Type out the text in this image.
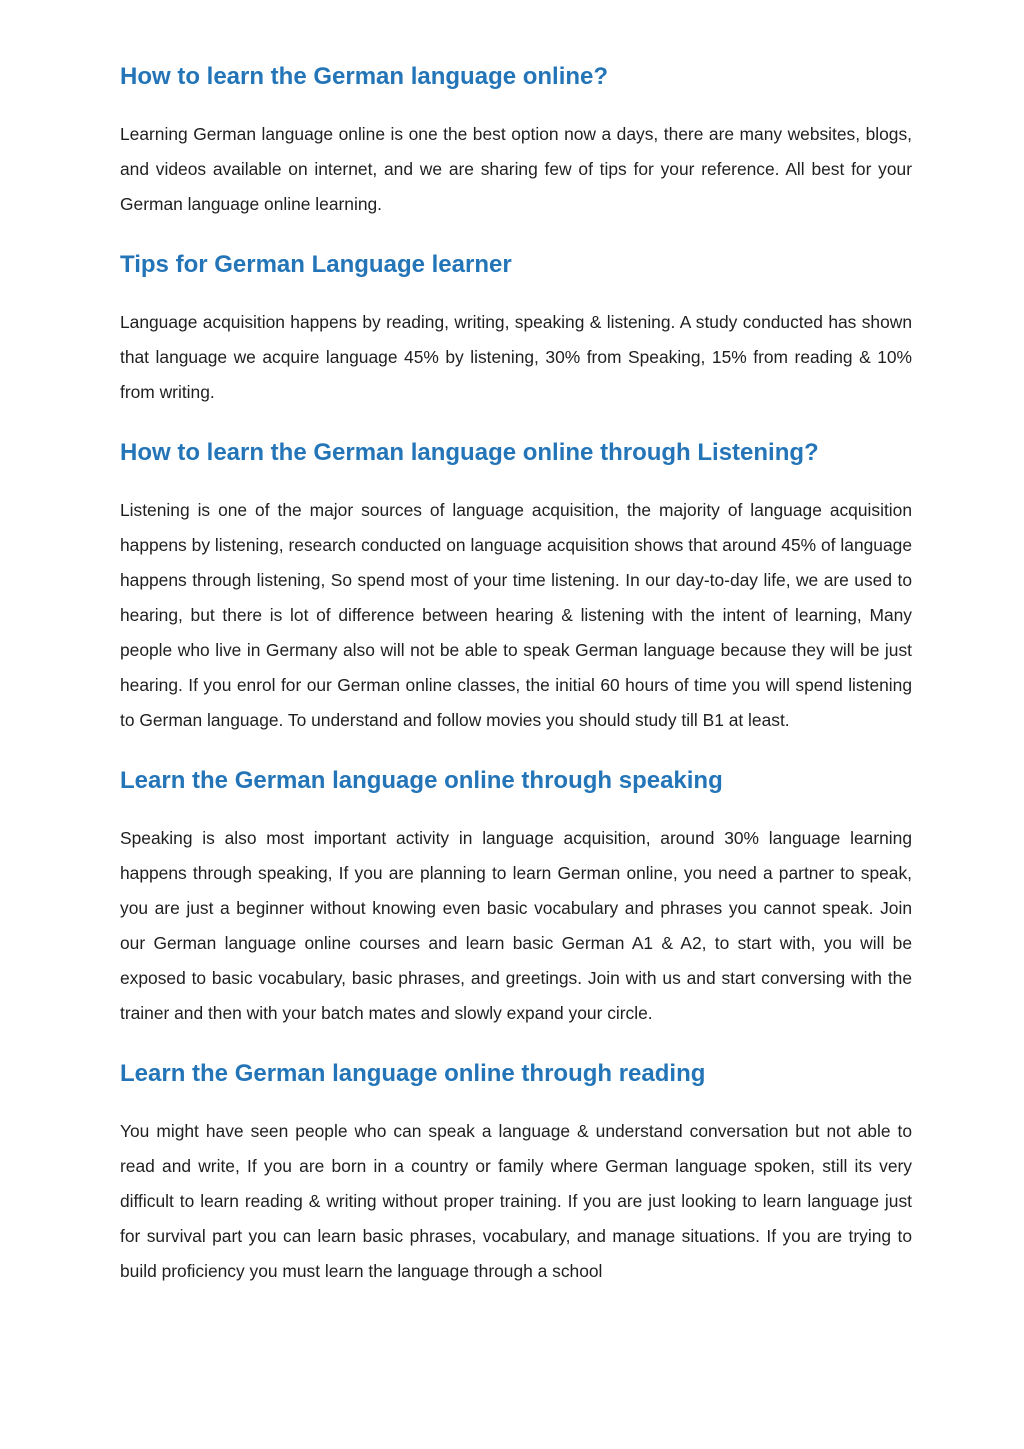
How to learn the German language online?

Learning German language online is one the best option now a days, there are many websites, blogs, and videos available on internet, and we are sharing few of tips for your reference. All best for your German language online learning.

Tips for German Language learner

Language acquisition happens by reading, writing, speaking & listening. A study conducted has shown that language we acquire language 45% by listening, 30% from Speaking, 15% from reading & 10% from writing.

How to learn the German language online through Listening?

Listening is one of the major sources of language acquisition, the majority of language acquisition happens by listening, research conducted on language acquisition shows that around 45% of language happens through listening, So spend most of your time listening. In our day-to-day life, we are used to hearing, but there is lot of difference between hearing & listening with the intent of learning, Many people who live in Germany also will not be able to speak German language because they will be just hearing. If you enrol for our German online classes, the initial 60 hours of time you will spend listening to German language. To understand and follow movies you should study till B1 at least.

Learn the German language online through speaking

Speaking is also most important activity in language acquisition, around 30% language learning happens through speaking, If you are planning to learn German online, you need a partner to speak, you are just a beginner without knowing even basic vocabulary and phrases you cannot speak. Join our German language online courses and learn basic German A1 & A2, to start with, you will be exposed to basic vocabulary, basic phrases, and greetings. Join with us and start conversing with the trainer and then with your batch mates and slowly expand your circle.

Learn the German language online through reading

You might have seen people who can speak a language & understand conversation but not able to read and write, If you are born in a country or family where German language spoken, still its very difficult to learn reading & writing without proper training. If you are just looking to learn language just for survival part you can learn basic phrases, vocabulary, and manage situations. If you are trying to build proficiency you must learn the language through a school
